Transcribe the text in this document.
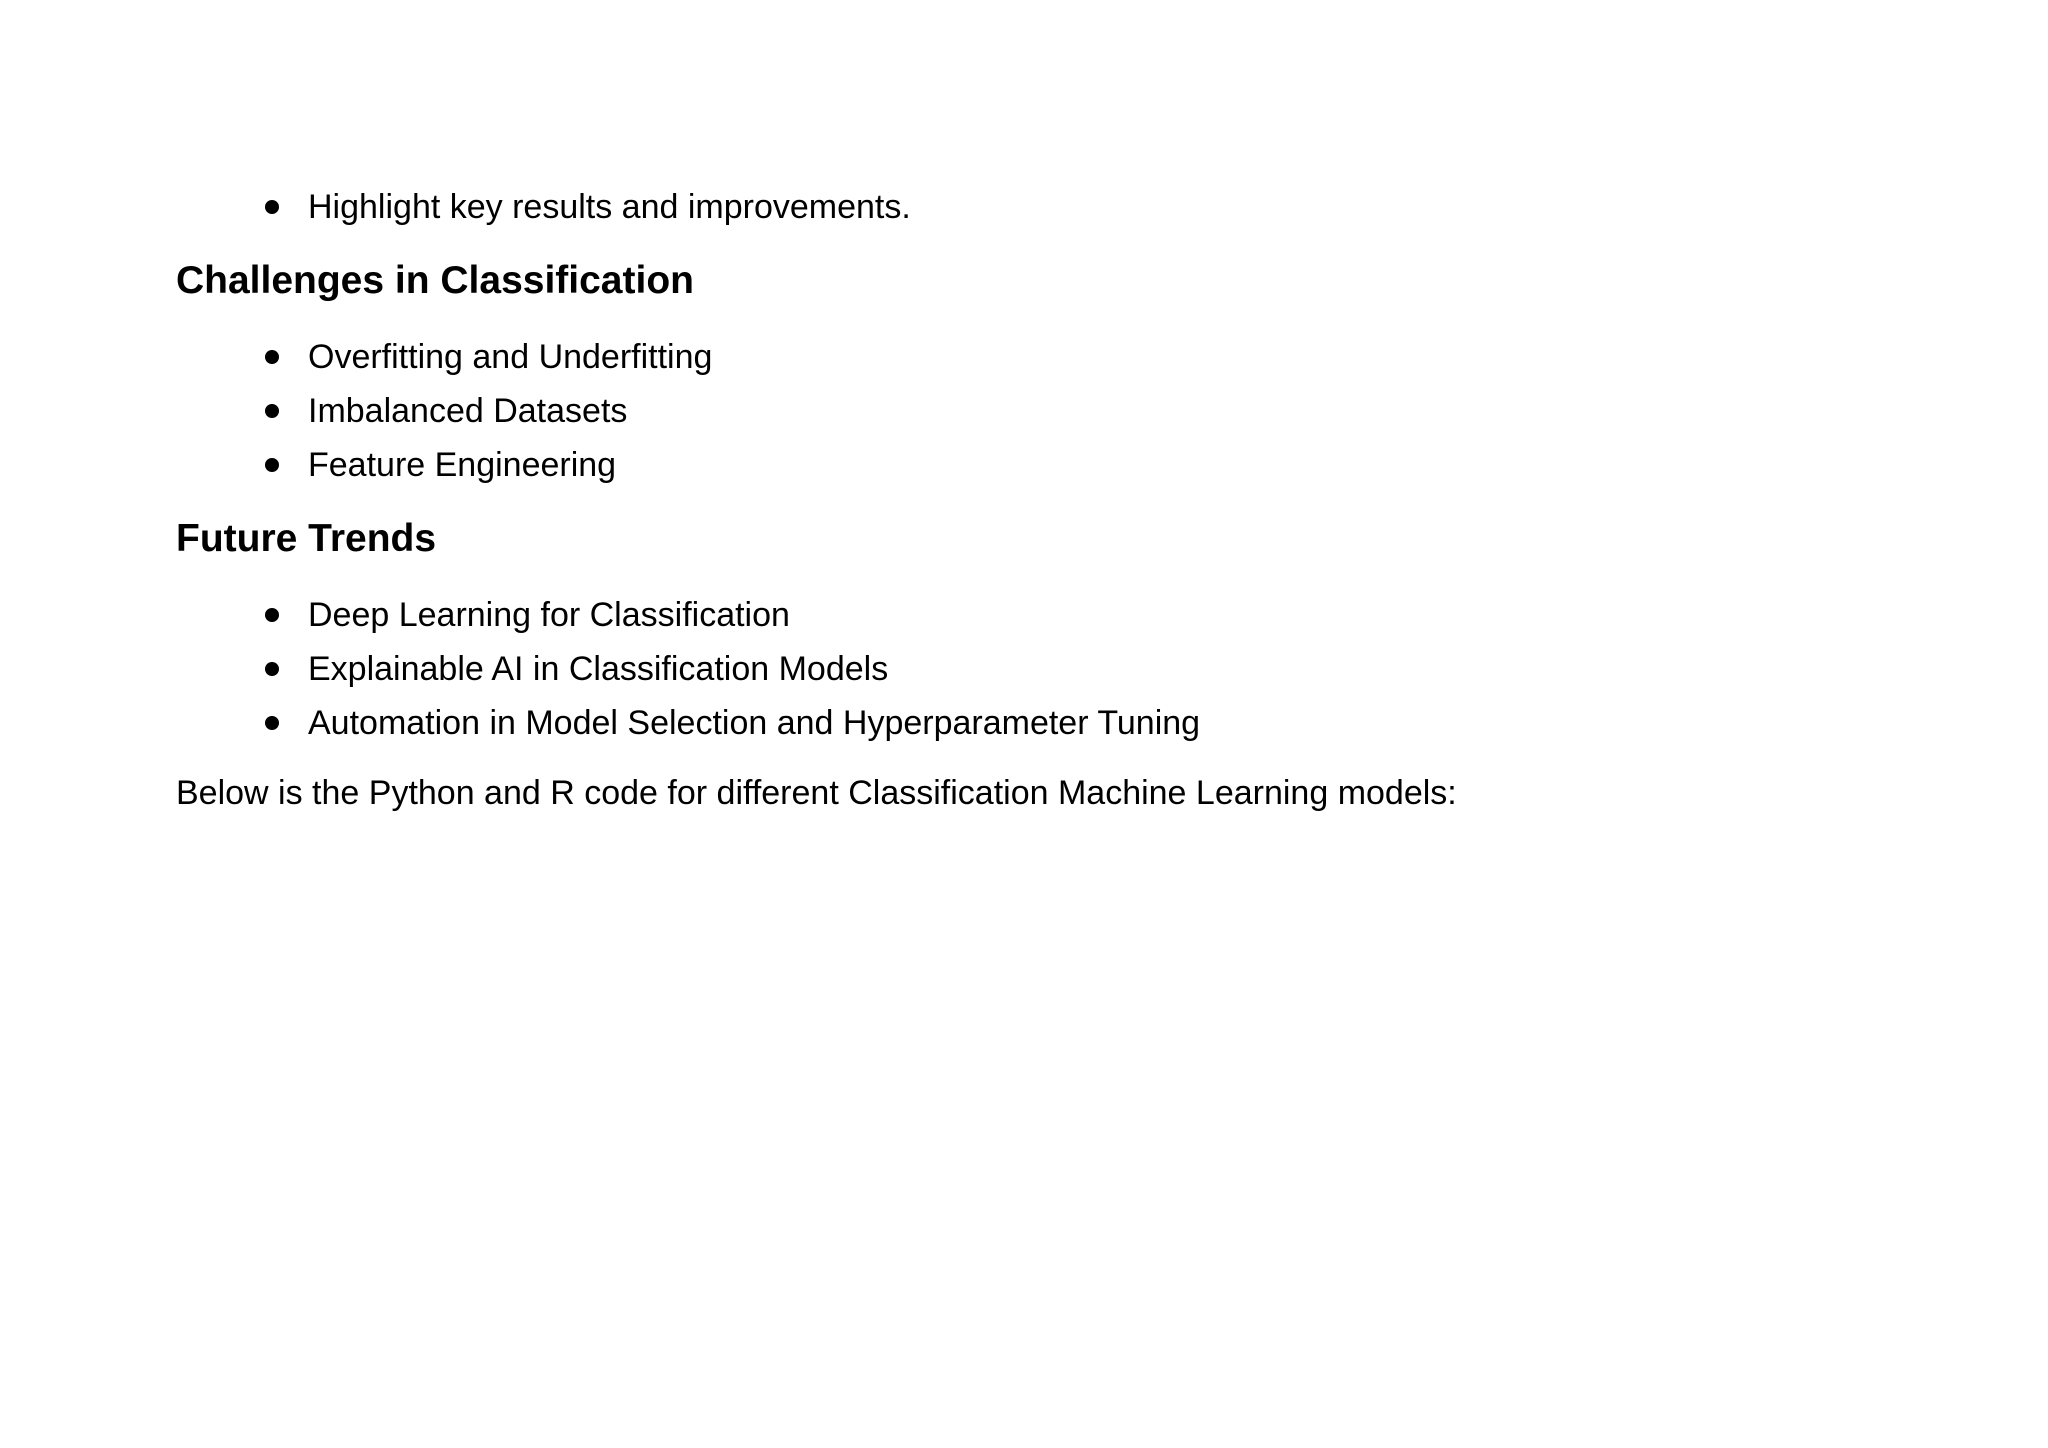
Highlight key results and improvements.
Challenges in Classification
Overfitting and Underfitting
Imbalanced Datasets
Feature Engineering
Future Trends
Deep Learning for Classification
Explainable AI in Classification Models
Automation in Model Selection and Hyperparameter Tuning

Below is the Python and R code for different Classification Machine Learning models:
